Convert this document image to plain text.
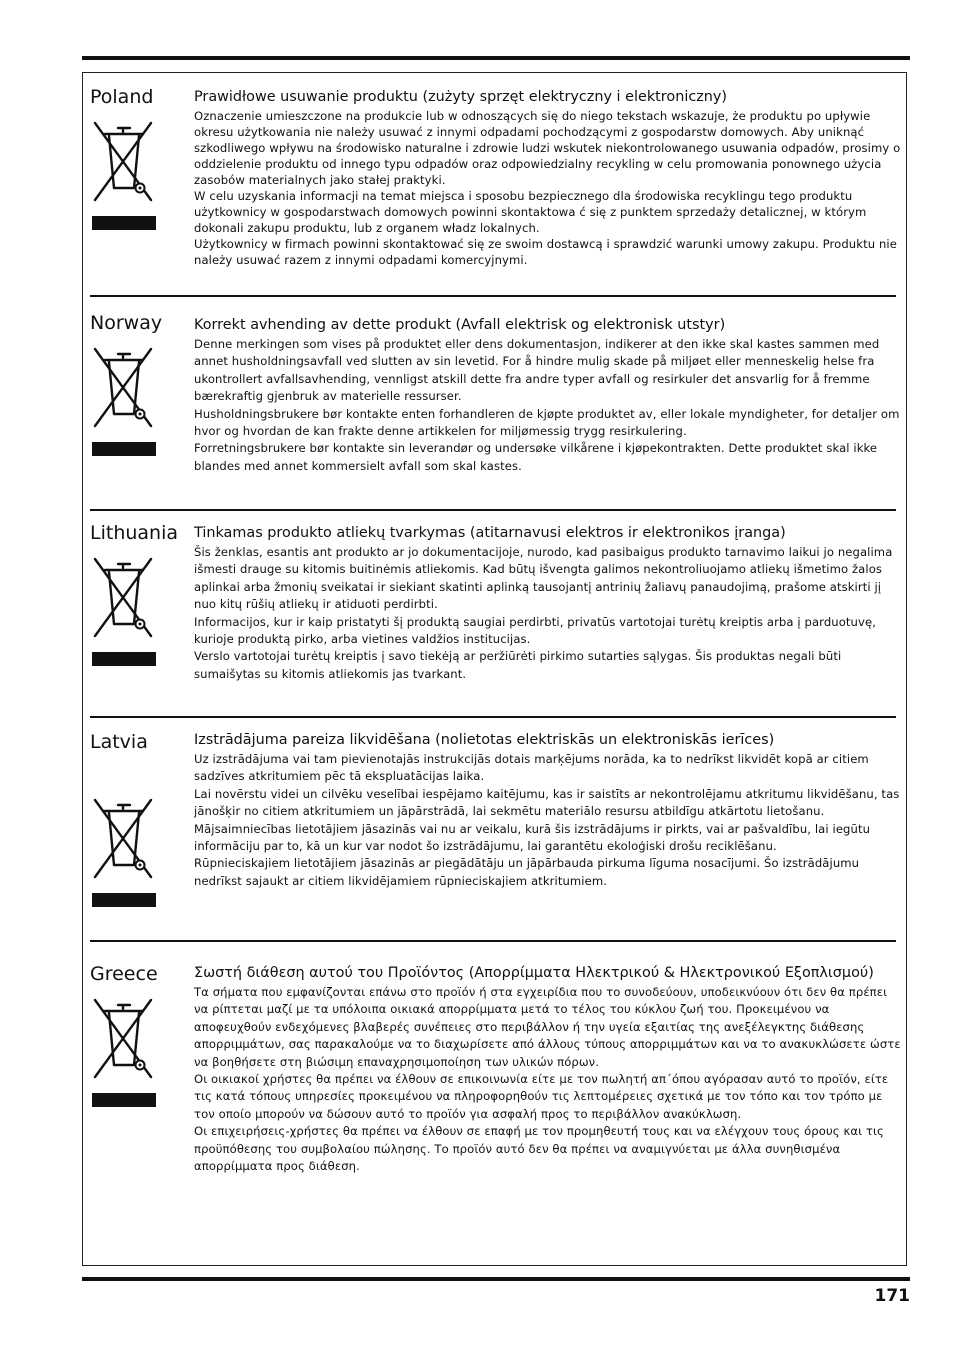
Poland	Prawidłowe usuwanie produktu (zużyty sprzęt elektryczny i elektroniczny)

Oznaczenie umieszczone na produkcie lub w odnoszących się do niego tekstach wskazuje, że produktu po upływie okresu użytkowania nie należy usuwać z innymi odpadami pochodzącymi z gospodarstw domowych. Aby uniknąć szkodliwego wpływu na środowisko naturalne i zdrowie ludzi wskutek niekontrolowanego usuwania odpadów, prosimy o oddzielenie produktu od innego typu odpadów oraz odpowiedzialny recykling w celu promowania ponownego użycia zasobów materialnych jako stałej praktyki.

W celu uzyskania informacji na temat miejsca i sposobu bezpiecznego dla środowiska recyklingu tego produktu użytkownicy w gospodarstwach domowych powinni skontaktowa ć się z punktem sprzedaży detalicznej, w którym dokonali zakupu produktu, lub z organem władz lokalnych.

Użytkownicy w firmach powinni skontaktować się ze swoim dostawcą i sprawdzić warunki umowy zakupu. Produktu nie należy usuwać razem z innymi odpadami komercyjnymi.

Norway Korrekt avhending av dette produkt (Avfall elektrisk og elektronisk utstyr)

Denne merkingen som vises på produktet eller dens dokumentasjon, indikerer at den ikke skal kastes sammen med annet husholdningsavfall ved slutten av sin levetid. For å hindre mulig skade på miljøet eller menneskelig helse fra ukontrollert avfallsavhending, vennligst atskill dette fra andre typer avfall og resirkuler det ansvarlig for å fremme bærekraftig gjenbruk av materielle ressurser.

Husholdningsbrukere bør kontakte enten forhandleren de kjøpte produktet av, eller lokale myndigheter, for detaljer om hvor og hvordan de kan frakte denne artikkelen for miljømessig trygg resirkulering.

Forretningsbrukere bør kontakte sin leverandør og undersøke vilkårene i kjøpekontrakten. Dette produktet skal ikke blandes med annet kommersielt avfall som skal kastes.

Lithuania Tinkamas produkto atliekų tvarkymas (atitarnavusi elektros ir elektronikos įranga)

Šis ženklas, esantis ant produkto ar jo dokumentacijoje, nurodo, kad pasibaigus produkto tarnavimo laikui jo negalima išmesti drauge su kitomis buitinėmis atliekomis. Kad būtų išvengta galimos nekontroliuojamo atliekų išmetimo žalos aplinkai arba žmonių sveikatai ir siekiant skatinti aplinką tausojantį antrinių žaliavų panaudojimą, prašome atskirti jį nuo kitų rūšių atliekų ir atiduoti perdirbti.

Informacijos, kur ir kaip pristatyti šį produktą saugiai perdirbti, privatūs vartotojai turėtų kreiptis arba į parduotuvę, kurioje produktą pirko, arba vietines valdžios institucijas.

Verslo vartotojai turėtų kreiptis į savo tiekėją ar peržiūrėti pirkimo sutarties sąlygas. Šis produktas negali būti sumaišytas su kitomis atliekomis jas tvarkant.

Latvia	Izstrādājuma pareiza likvidēšana (nolietotas elektriskās un elektroniskās ierīces)

Uz izstrādājuma vai tam pievienotajās instrukcijās dotais marķējums norāda, ka to nedrīkst likvidēt kopā ar citiem sadzīves atkritumiem pēc tā ekspluatācijas laika.

Lai novērstu videi un cilvēku veselībai iespējamo kaitējumu, kas ir saistīts ar nekontrolējamu atkritumu likvidēšanu, tas jānošķir no citiem atkritumiem un jāpārstrādā, lai sekmētu materiālo resursu atbildīgu atkārtotu lietošanu.

Mājsaimniecības lietotājiem jāsazinās vai nu ar veikalu, kurā šis izstrādājums ir pirkts, vai ar pašvaldību, lai iegūtu informāciju par to, kā un kur var nodot šo izstrādājumu, lai garantētu ekoloģiski drošu reciklēšanu.

Rūpnieciskajiem lietotājiem jāsazinās ar piegādātāju un jāpārbauda pirkuma līguma nosacījumi. Šo izstrādājumu nedrīkst sajaukt ar citiem likvidējamiem rūpnieciskajiem atkritumiem.

Greece	Σωστή διάθεση αυτού του Προϊόντος (Απορρίμματα Ηλεκτρικού & Ηλεκτρονικού Εξοπλισμού)

Τα σήματα που εμφανίζονται επάνω στο προϊόν ή στα εγχειρίδια που το συνοδεύουν, υποδεικνύουν ότι δεν θα πρέπει να ρίπτεται μαζί με τα υπόλοιπα οικιακά απορρίμματα μετά το τέλος του κύκλου ζωή του. Προκειμένου να αποφευχθούν ενδεχόμενες βλαβερές συνέπειες στο περιβάλλον ή την υγεία εξαιτίας της ανεξέλεγκτης διάθεσης απορριμμάτων, σας παρακαλούμε να το διαχωρίσετε από άλλους τύπους απορριμμάτων και να το ανακυκλώσετε ώστε να βοηθήσετε στη βιώσιμη επαναχρησιμοποίηση των υλικών πόρων.

Οι οικιακοί χρήστες θα πρέπει να έλθουν σε επικοινωνία είτε με τον πωλητή απ΄όπου αγόρασαν αυτό το προϊόν, είτε τις κατά τόπους υπηρεσίες προκειμένου να πληροφορηθούν τις λεπτομέρειες σχετικά με τον τόπο και τον τρόπο με τον οποίο μπορούν να δώσουν αυτό το προϊόν για ασφαλή προς το περιβάλλον ανακύκλωση.

Οι επιχειρήσεις-χρήστες θα πρέπει να έλθουν σε επαφή με τον προμηθευτή τους και να ελέγχουν τους όρους και τις προϋπόθεσης του συμβολαίου πώλησης. Το προϊόν αυτό δεν θα πρέπει να αναμιγνύεται με άλλα συνηθισμένα απορρίμματα προς διάθεση.

171
